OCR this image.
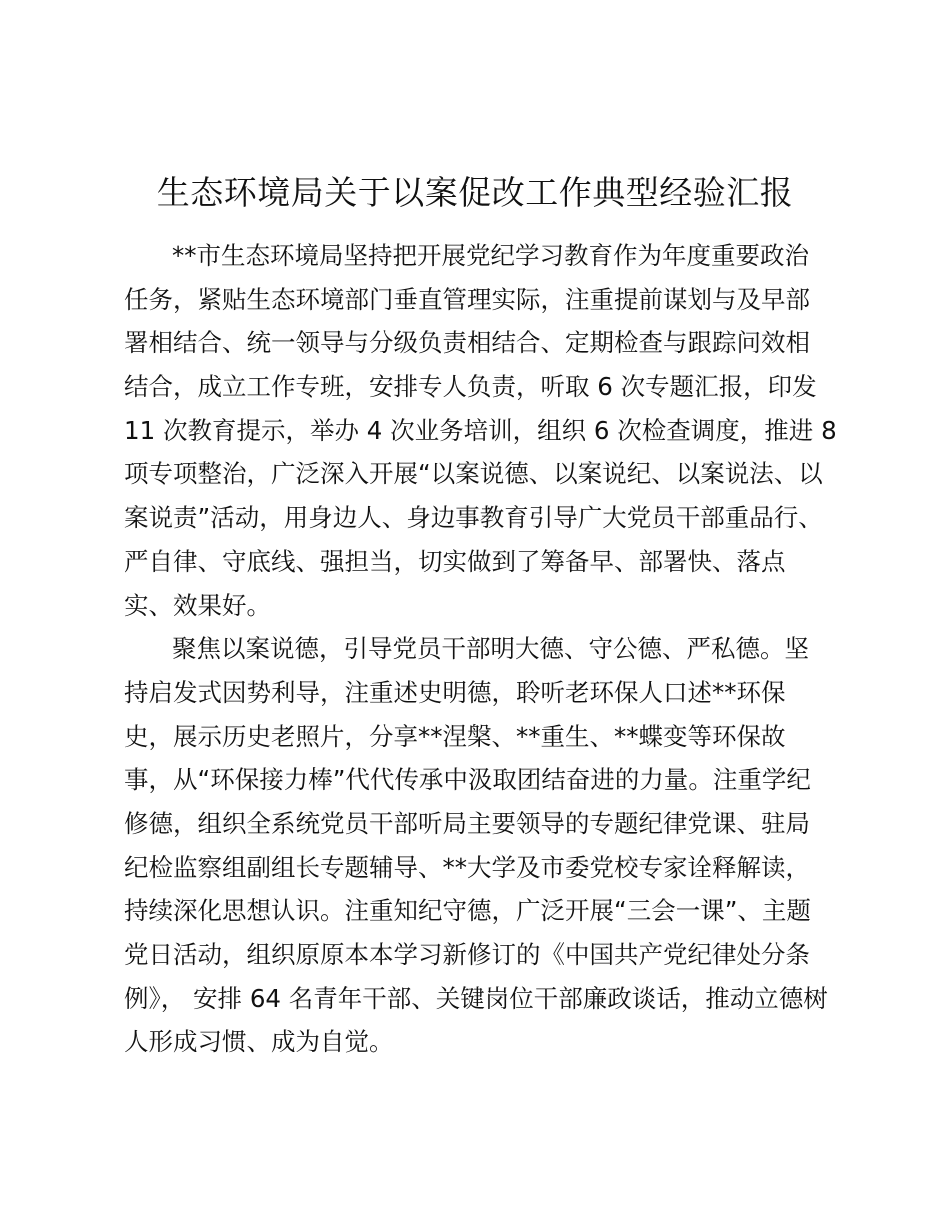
生态环境局关于以案促改工作典型经验汇报
**市生态环境局坚持把开展党纪学习教育作为年度重要政治
任务，紧贴生态环境部门垂直管理实际，注重提前谋划与及早部
署相结合、统一领导与分级负责相结合、定期检查与跟踪问效相
结合，成立工作专班，安排专人负责，听取 6 次专题汇报，印发
11 次教育提示，举办 4 次业务培训，组织 6 次检查调度，推进 8
项专项整治，广泛深入开展“以案说德、以案说纪、以案说法、以
案说责”活动，用身边人、身边事教育引导广大党员干部重品行、
严自律、守底线、强担当，切实做到了筹备早、部署快、落点
实、效果好。
聚焦以案说德，引导党员干部明大德、守公德、严私德。坚
持启发式因势利导，注重述史明德，聆听老环保人口述**环保
史，展示历史老照片，分享**涅槃、**重生、**蝶变等环保故
事，从“环保接力棒”代代传承中汲取团结奋进的力量。注重学纪
修德，组织全系统党员干部听局主要领导的专题纪律党课、驻局
纪检监察组副组长专题辅导、**大学及市委党校专家诠释解读，
持续深化思想认识。注重知纪守德，广泛开展“三会一课”、主题
党日活动，组织原原本本学习新修订的《中国共产党纪律处分条
例》， 安排 64 名青年干部、关键岗位干部廉政谈话，推动立德树
人形成习惯、成为自觉。
